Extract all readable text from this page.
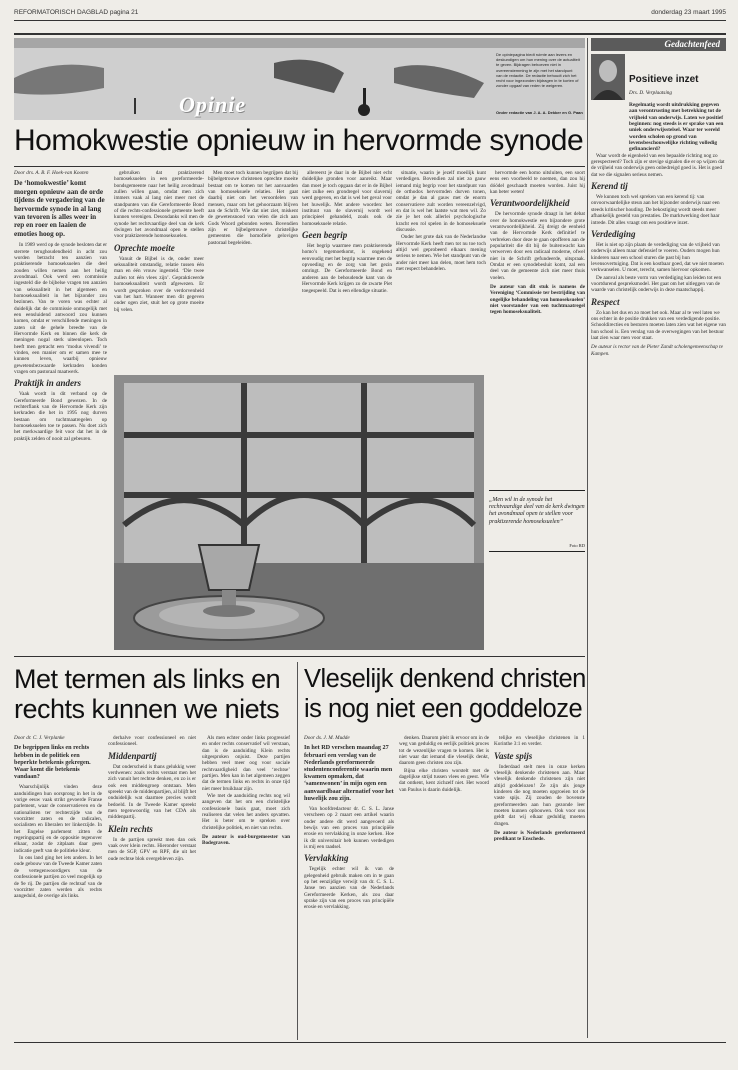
REFORMATORISCH DAGBLAD pagina 21	donderdag 23 maart 1995
Opinie
De opiniepagina biedt ruimte aan lezers en deskundigen om hun mening over de actualiteit te geven. Bijdragen behoeven niet in overeenstemming te zijn met het standpunt van de redactie. De redactie behoudt zich het recht voor ingezonden bijdragen in te korten of zonder opgaaf van reden te weigeren.
Onder redactie van J. A. A. Dekker en G. Paan
Homokwestie opnieuw in hervormde synode
Door drs. A. B. F. Hoek-van Kooten
De ‘homokwestie’ komt morgen opnieuw aan de orde tijdens de vergadering van de hervormde synode in al lang van tevoren is alles weer in rep en roer en laaien de emoties hoog op.

In 1989 werd op de synode besloten dat er sterrete terughoudendheid in acht zou worden betracht ten aanzien van praktiserende homoseksuelen die deel zouden willen nemen aan het heilig avondmaal. Ook werd een commissie ingesteld die de bijbelse vragen ten aanzien van seksualiteit in het algemeen en homoseksualiteit in het bijzonder zou bezinnen. Van te voren was echter al duidelijk dat de commissie onmogelijk met een eensluidend antwoord zou kunnen komen, omdat er verschillende meningen in zaten uit de gehele breedte van de Hervormde Kerk en binnen die kerk de meningen nogal sterk uiteenlopen. Toch heeft men getracht een ‘modus vivendi’ te vinden, een manier om er samen mee te kunnen leven, waarbij opnieuw gewetensbezwaarde kerkraden konden vragen om pastoraal maatwerk.

Praktijk in anders

Vaak wordt in dit verband op de Gereformeerde Bond gewezen. In de rechterflank van de Hervormde Kerk zijn kerkraden die het in 1995 nog durven bestaan om tuchtmaatregelen op homoseksuelen toe te passen. Nu doet zich het merkwaardige feit voor dat het in de praktijk zelden of nooit zal gebeuren.

gebruiken dat praktizerend homoseksuelen in een gereformeerde-bondsgemeente naar het heilig avondmaal zullen willen gaan, omdat men zich immers vaak al lang niet meer met de standpunten van die Gereformeerde Bond of die rechts-confessionele gemeente heeft kunnen verenigen. Desondanks wil men de synode het rechtvaardige deel van de kerk dwingen het avondmaal open te stellen voor praktizerende homoseksuelen.

Oprechte moeite

Vanuit de Bijbel is de, onder meer seksualiteit omstandig, relatie tussen één man en één vrouw ingesteld. ‘Die twee zullen tot één vlees zijn’. Geprakticeerde homoseksualiteit wordt afgewezen. Er wordt gesproken over de verdorvenheid van het hart. Wanneer men dit gegeven onder ogen ziet, stuit het op grote moeite bij velen.

Men moet toch kunnen begrijpen dat bij bijbelgetrouwe christenen oprechte moeite bestaat om te komen tot het aanvaarden van homoseksuele relaties. Het gaat daarbij niet om het veroordelen van mensen, maar om het gehoorzaam blijven aan de Schrift. Wie dat niet ziet, miskent de gewetensnood van velen die zich aan Gods Woord gebonden weten. Bovendien zijn er bijbelgetrouwe christelijke gemeenten die homofiele gelovigen pastoraal begeleiden.

allereerst je daar in de Bijbel niet echt duidelijke gronden voor aanreikt. Maar dan moet je toch opgaan dat er in de Bijbel niet zulke een grondregel voor slavernij werd gegeven, en dat is wel het geval voor het huwelijk. Met andere woorden: het instituut van de slavernij wordt wel principieel gehandeld, zoals ook de homoseksuele relatie.

Geen begrip

Het begrip waarmee men praktiserende homo’s tegemoetkomt, is ongekend eenvoudig met het begrip waarmee men de opvoeding en de zorg van het gezin omringt. De Gereformeerde Bond en anderen aan de behoudende kant van de Hervormde Kerk krijgen zo de zwarte Piet toegespeeld. Dat is een ellendige situatie.

situatie, waarin je jezelf moeilijk kunt verdedigen. Bovendien zal niet zo gauw iemand mig begrip voor het standpunt van de orthodox hervormden durven tonen, omdat je dan al gauw met de enorm conservatieve zult worden vereenzelvigd, en dat is wel het laatste wat men wil. Zo zie je het ook allerlei psychologische kracht een rol spelen in de homoseksuele discussie.

Onder het grote dak van de Nederlandse Hervormde Kerk heeft men tot nu toe toch altijd wel geprobeerd elkaars mening serieus te nemen. Wie het standpunt van de ander niet meer kan delen, moet hem toch met respect behandelen.

hervormde een homo uitsluiten, een soort eens een voorbeeld te noemen, dan zou hij dóódel geschaadt moeten worden. Juist hij kan beter weten!

Verantwoordelijkheid

De hervormde synode draagt in het debat over de homokwestie een bijzondere grote verantwoordelijkheid. Zij dreigt de eenheid van de Hervormde Kerk definitief te verbreken door deze te gaan opofferen aan de populariteit die dit bij de buitenwacht kan verwerven door een radicaal moderne, ofwel niet in de Schrift gefundeerde, uitspraak. Omdat er een synodebesluit komt, zal een deel van de gemeente zich niet meer thuis voelen.

De auteur van dit stuk is namens de Vereniging ‘Commissie ter bestrijding van ongelijke behandeling van homoseksuelen’ niet voorstander van een tuchtmaatregel tegen homoseksualiteit.
„Men wil in de synode het rechtvaardige deel van de kerk dwingen het avondmaal open te stellen voor praktizerende homoseksuelen”
Foto RD
Met termen als links en
rechts kunnen we niets
Door dr. C. J. Verplanke
De begrippen links en rechts hebben in de politiek een beperkte betekenis gekregen. Waar komt die betekenis vandaan?

Waarschijnlijk vinden deze aanduidingen hun oorsprong in het in de vorige eeuw vaak strikt gevoerde Franse parlement, waar de conservatieven en de nationalisten ter rechterzijde van de voorzitter zaten en de radicalen, socialisten en liberalen ter linkerzijde. In het Engelse parlement zitten de regeringspartij en de oppositie tegenover elkaar, zodat de zitplaats daar geen indicatie geeft van de politieke kleur.

In ons land ging het iets anders. In het oude gebouw van de Tweede Kamer zaten de vertegenwoordigers van de confessionele partijen zo veel mogelijk op de 9e rij. De partijen die rechtsaf van de voorzitter zaten werden als rechts aangeduid, de overige als links.

derhalve voor confessioneel en niet confessioneel.

Middenpartij

Dat onderscheid is thans gelukkig weer verdwenen: zoals rechts verstaat men het zich vanuit het rechtse denken, en zo is er ook een middengroep ontstaan. Men spreekt van de middenpartijen, al blijft het onduidelijk wat daarmee precies wordt bedoeld. In de Tweede Kamer spreekt men tegenwoordig van het CDA als middenpartij.

Klein rechts

In de partijen spreekt men dan ook vaak over klein rechts. Hieronder verstaat men de SGP, GPV en RPF, die uit het oude rechtse blok overgebleven zijn.

Als men echter onder links progressief en onder rechts conservatief wil verstaan, dan is de aanduiding Klein rechts uitgesproken onjuist. Deze partijen hebben veel meer oog voor sociale rechtvaardigheid dan veel ‘rechtse’ partijen. Men kan in het algemeen zeggen dat de termen links en rechts in onze tijd niet meer bruikbaar zijn.

Wie met de aanduiding rechts nog wil aangeven dat het om een christelijke confessionele basis gaat, moet zich realiseren dat velen het anders opvatten. Het is beter om te spreken over christelijke politiek, en niet van rechts.

De auteur is oud-burgemeester van Bodegraven.
Vleselijk denkend christen
is nog niet een goddeloze
Door ds. J. M. Mudde
In het RD verschen maandag 27 februari een verslag van de Nederlands gereformeerde studentenconferentie waarin men kwamen opmaken, dat ‘samenwonen’ in mijn ogen een aanvaardbaar alternatief voor het huwelijk zou zijn.

Van hoofdredacteur dr. C. S. L. Janse verscheen op 2 maart een artikel waarin onder andere dit werd aangevoerd als bewijs van een proces van principiële erosie en vervlakking in onze kerken. Hoe ik dit universitair heb kunnen verdedigen is mij een raadsel.

Vervlakking

Tegelijk echter wil ik van de gelegenheid gebruik maken om in te gaan op het eenzijdige verwijt van dr. C. S. L. Janse ten aanzien van de Nederlands Gereformeerde Kerken, als zou daar sprake zijn van een proces van principiële erosie en vervlakking.

denken. Daarom pleit ik ervoor om in de weg van geduldig en eerlijk politiek proces tot de wezenlijke vragen te komen. Het is niet waar dat iemand die vleselijk denkt, daarom geen christen zou zijn.

Bijna elke christen worstelt met de dagelijkse strijd tussen vlees en geest. Wie dat ontkent, kent zichzelf niet. Het woord van Paulus is daarin duidelijk.

telijke en vleselijke christenen in 1 Korinthe 3:1 en verder.

Vaste spijs

Inderdaad stelt men in onze kerken vleselijk denkende christenen aan. Maar vleselijk denkende christenen zijn niet altijd goddelozen! Ze zijn als jonge kinderen die nog moeten opgroeien tot de vaste spijs. Zij zouden de bovenste gereformeerden aan hun gezonde leer moeten kunnen opbouwen. Ook voor ons geldt dat wij elkaar geduldig moeten dragen.

De auteur is Nederlands gereformeerd predikant te Enschede.
Gedachtenfeed
Positieve inzet
Drs. D. Verplaatsing
Regelmatig wordt uitdrukking gegeven aan verontrusting met betrekking tot de vrijheid van onderwijs. Laten we positief beginnen: nog steeds is er sprake van een uniek onderwijsstelsel. Waar ter wereld worden scholen op grond van levensbeschouwelijke richting volledig gefinancierd?

Waar wordt de eigenheid van een bepaalde richting nog zo gerespecteerd? Toch zijn er stevige signalen die er op wijzen dat de vrijheid van onderwijs geen onbedreigd goed is. Het is goed dat we die signalen serieus nemen.

Kerend tij

We kunnen toch wel spreken van een kerend tij: van onvoorwaardelijke steun aan het bijzonder onderwijs naar een steeds kritischer houding. De bekostiging wordt steeds meer afhankelijk gesteld van prestaties. De marktwerking doet haar intrede. Dit alles vraagt om een positieve inzet.

Verdediging

Het is niet op zijn plaats de verdediging van de vrijheid van onderwijs alleen maar defensief te voeren. Ouders mogen hun kinderen naar een school sturen die past bij hun levensovertuiging. Dat is een kostbaar goed, dat we niet moeten verkwanselen. U moet, terecht, samen hiervoor opkomen.

De aanval als beste vorm van verdediging kan leiden tot een voortdurend gespreksmodel. Het gaat om het uitleggen van de waarde van christelijk onderwijs in deze maatschappij.

Respect

Zo kan het dus en zo moet het ook. Maar al te veel laten we ons echter in de positie drukken van een verdedigende positie. Schooldirecties en besturen moeten laten zien wat het eigene van hun school is. Een verslag van de overwegingen van het bestuur laat zien waar men voor staat.

De auteur is rector van de Pieter Zandt scholengemeenschap te Kampen.
